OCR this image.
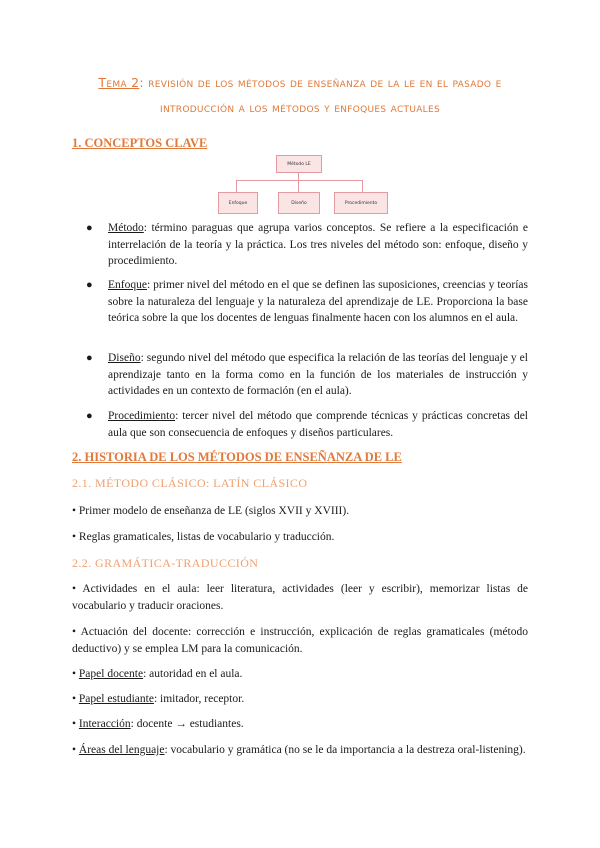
Tema 2: revisión de los métodos de enseñanza de la le en el pasado e introducción a los métodos y enfoques actuales
1. CONCEPTOS CLAVE
Método LE
Enfoque	Diseño	Procedimiento
● Método: término paraguas que agrupa varios conceptos. Se refiere a la especificación e interrelación de la teoría y la práctica. Los tres niveles del método son: enfoque, diseño y procedimiento.
● Enfoque: primer nivel del método en el que se definen las suposiciones, creencias y teorías sobre la naturaleza del lenguaje y la naturaleza del aprendizaje de LE. Proporciona la base teórica sobre la que los docentes de lenguas finalmente hacen con los alumnos en el aula.
● Diseño: segundo nivel del método que especifica la relación de las teorías del lenguaje y el aprendizaje tanto en la forma como en la función de los materiales de instrucción y actividades en un contexto de formación (en el aula).
● Procedimiento: tercer nivel del método que comprende técnicas y prácticas concretas del aula que son consecuencia de enfoques y diseños particulares.
2. HISTORIA DE LOS MÉTODOS DE ENSEÑANZA DE LE
2.1. MÉTODO CLÁSICO: LATÍN CLÁSICO
• Primer modelo de enseñanza de LE (siglos XVII y XVIII).
• Reglas gramaticales, listas de vocabulario y traducción.
2.2. GRAMÁTICA-TRADUCCIÓN
• Actividades en el aula: leer literatura, actividades (leer y escribir), memorizar listas de vocabulario y traducir oraciones.
• Actuación del docente: corrección e instrucción, explicación de reglas gramaticales (método deductivo) y se emplea LM para la comunicación.
• Papel docente: autoridad en el aula.
• Papel estudiante: imitador, receptor.
• Interacción: docente → estudiantes.
• Áreas del lenguaje: vocabulario y gramática (no se le da importancia a la destreza oral-listening).
